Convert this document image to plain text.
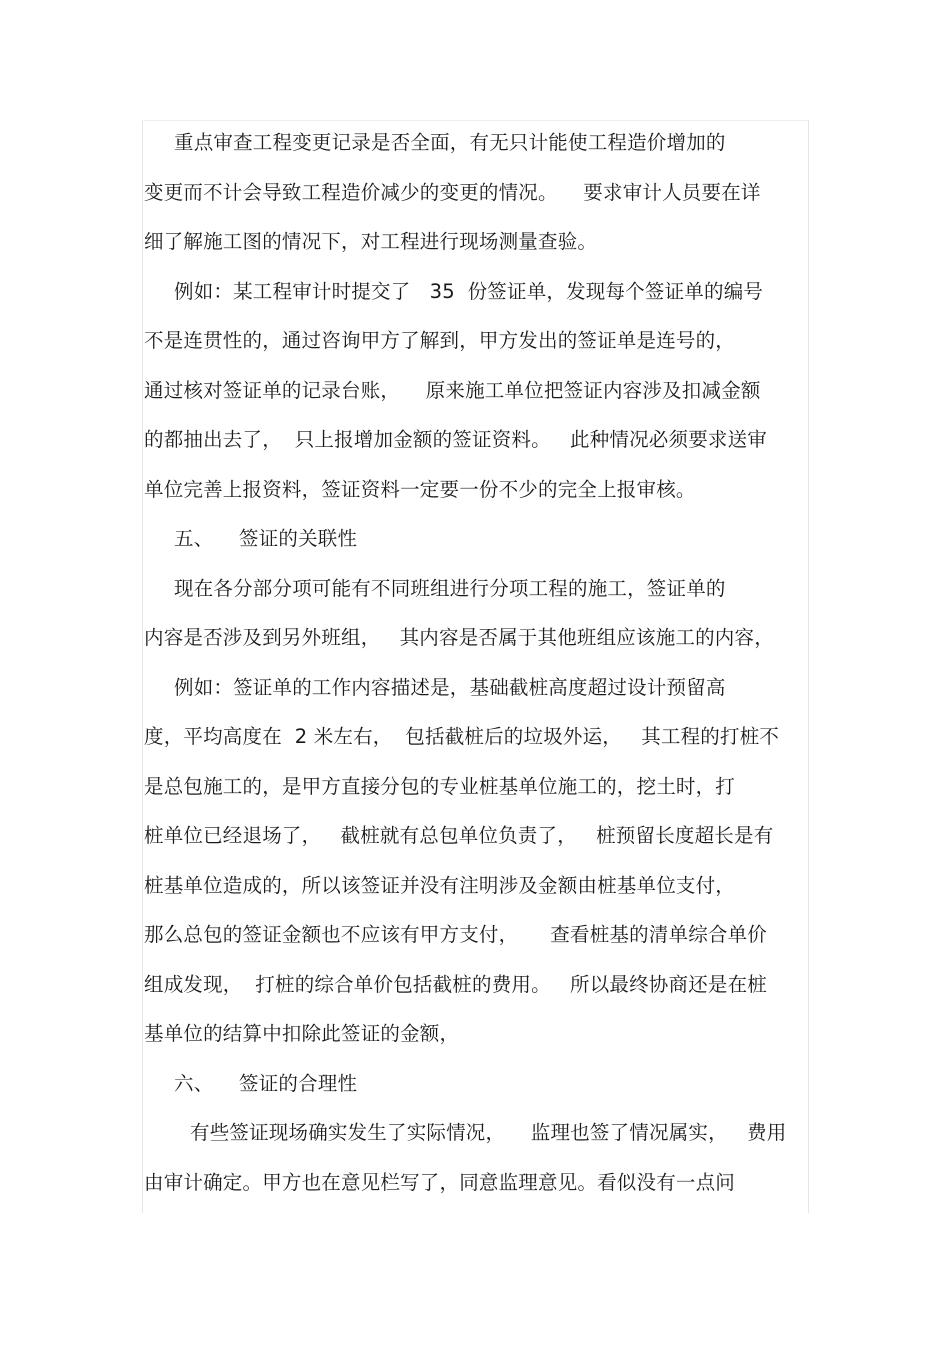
重点审查工程变更记录是否全面，有无只计能使工程造价增加的
变更而不计会导致工程造价减少的变更的情况。    要求审计人员要在详
细了解施工图的情况下，对工程进行现场测量查验。
例如：某工程审计时提交了   35  份签证单，发现每个签证单的编号
不是连贯性的，通过咨询甲方了解到，甲方发出的签证单是连号的，
通过核对签证单的记录台账，    原来施工单位把签证内容涉及扣减金额
的都抽出去了，  只上报增加金额的签证资料。   此种情况必须要求送审
单位完善上报资料，签证资料一定要一份不少的完全上报审核。
五、    签证的关联性
现在各分部分项可能有不同班组进行分项工程的施工，签证单的
内容是否涉及到另外班组，   其内容是否属于其他班组应该施工的内容，
例如：签证单的工作内容描述是，基础截桩高度超过设计预留高
度，平均高度在  2 米左右，  包括截桩后的垃圾外运，   其工程的打桩不
是总包施工的，是甲方直接分包的专业桩基单位施工的，挖土时，打
桩单位已经退场了，   截桩就有总包单位负责了，   桩预留长度超长是有
桩基单位造成的，所以该签证并没有注明涉及金额由桩基单位支付，
那么总包的签证金额也不应该有甲方支付，     查看桩基的清单综合单价
组成发现，  打桩的综合单价包括截桩的费用。   所以最终协商还是在桩
基单位的结算中扣除此签证的金额，
六、    签证的合理性
有些签证现场确实发生了实际情况，    监理也签了情况属实，   费用
由审计确定。甲方也在意见栏写了，同意监理意见。看似没有一点问
